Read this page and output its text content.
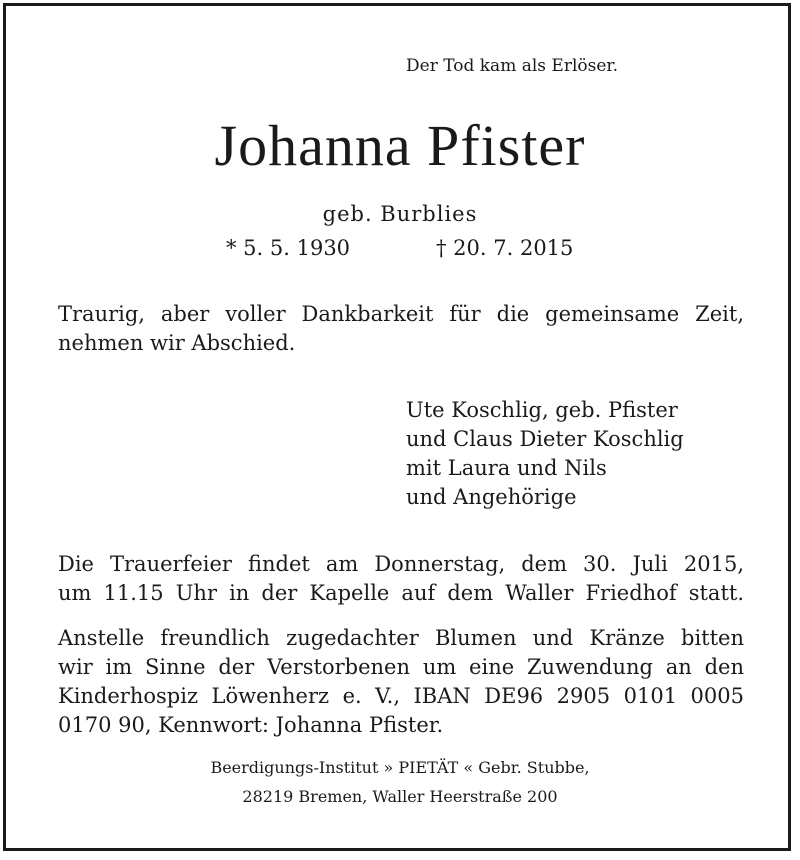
Der Tod kam als Erlöser.
Johanna Pfister
geb. Burblies
* 5. 5. 1930	† 20. 7. 2015
Traurig, aber voller Dankbarkeit für die gemeinsame Zeit,
nehmen wir Abschied.
Ute Koschlig, geb. Pfister
und Claus Dieter Koschlig
mit Laura und Nils
und Angehörige
Die Trauerfeier findet am Donnerstag, dem 30. Juli 2015,
um 11.15 Uhr in der Kapelle auf dem Waller Friedhof statt.
Anstelle freundlich zugedachter Blumen und Kränze bitten
wir im Sinne der Verstorbenen um eine Zuwendung an den
Kinderhospiz Löwenherz e. V., IBAN DE96 2905 0101 0005
0170 90, Kennwort: Johanna Pfister.
Beerdigungs-Institut » PIETÄT « Gebr. Stubbe,
28219 Bremen, Waller Heerstraße 200
